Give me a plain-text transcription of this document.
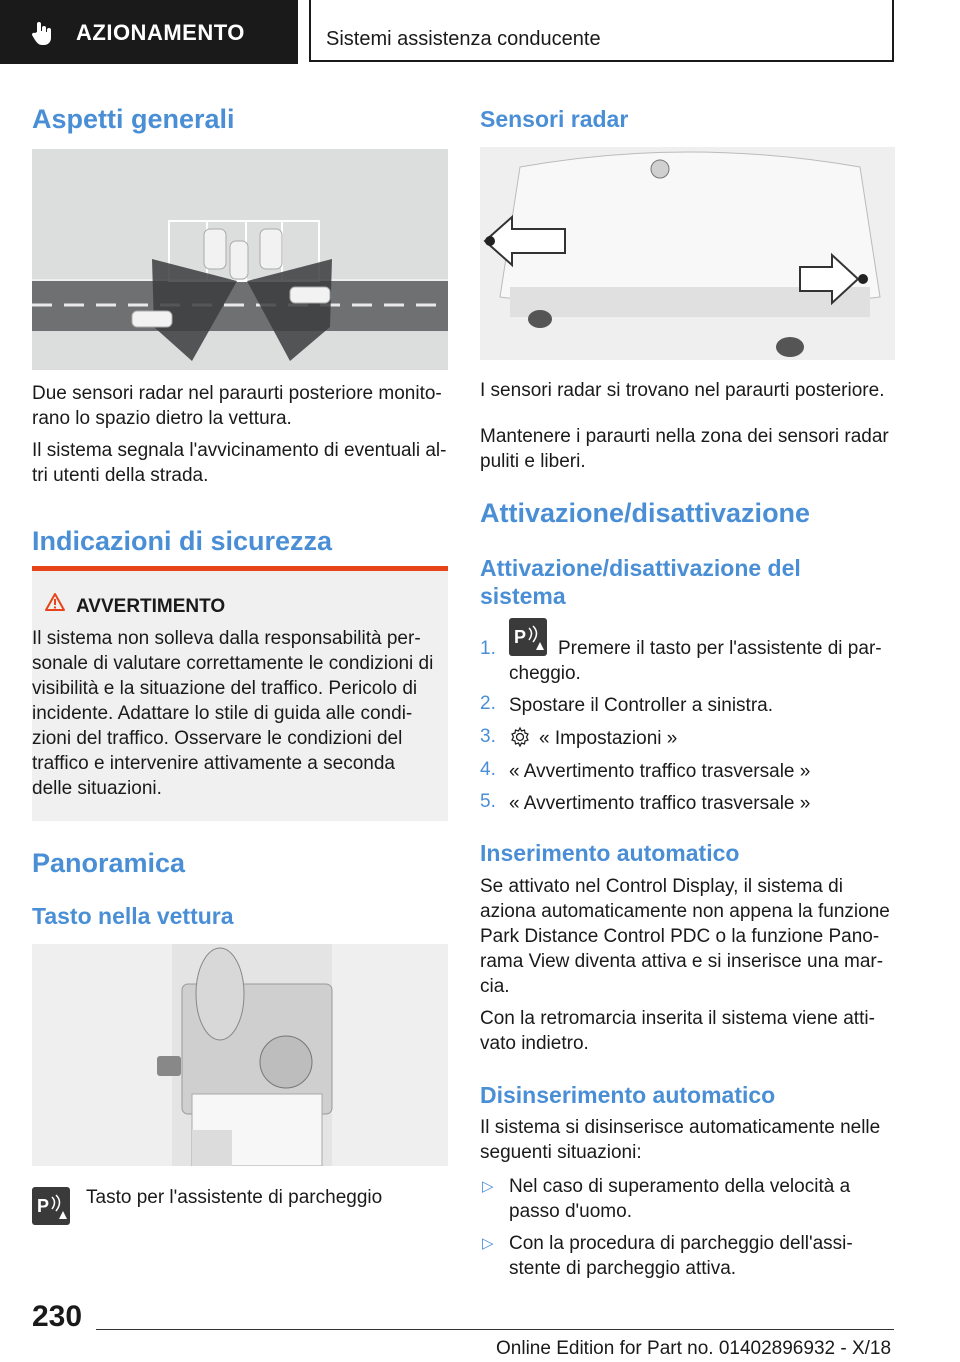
AZIONAMENTO	Sistemi assistenza conducente
Aspetti generali

Due sensori radar nel paraurti posteriore monito-
rano lo spazio dietro la vettura.

Il sistema segnala l'avvicinamento di eventuali al-
tri utenti della strada.

Indicazioni di sicurezza
AVVERTIMENTO

Il sistema non solleva dalla responsabilità per-
sonale di valutare correttamente le condizioni di
visibilità e la situazione del traffico. Pericolo di
incidente. Adattare lo stile di guida alle condi-
zioni del traffico. Osservare le condizioni del
traffico e intervenire attivamente a seconda
delle situazioni.

Panoramica
Tasto nella vettura
P Tasto per l'assistente di parcheggio
Sensori radar
I sensori radar si trovano nel paraurti posteriore.

Mantenere i paraurti nella zona dei sensori radar
puliti e liberi.

Attivazione/disattivazione
Attivazione/disattivazione del
sistema
1.
P
Premere il tasto per l'assistente di par-
cheggio.
2. Spostare il Controller a sinistra.
3. « Impostazioni »
4. « Avvertimento traffico trasversale »
5. « Avvertimento traffico trasversale »
Inserimento automatico

Se attivato nel Control Display, il sistema di
aziona automaticamente non appena la funzione
Park Distance Control PDC o la funzione Pano-
rama View diventa attiva e si inserisce una mar-
cia.

Con la retromarcia inserita il sistema viene atti-
vato indietro.

Disinserimento automatico

Il sistema si disinserisce automaticamente nelle
seguenti situazioni:

▷ Nel caso di superamento della velocità a
passo d'uomo.

▷ Con la procedura di parcheggio dell'assi-
stente di parcheggio attiva.

230
Online Edition for Part no. 01402896932 - X/18
